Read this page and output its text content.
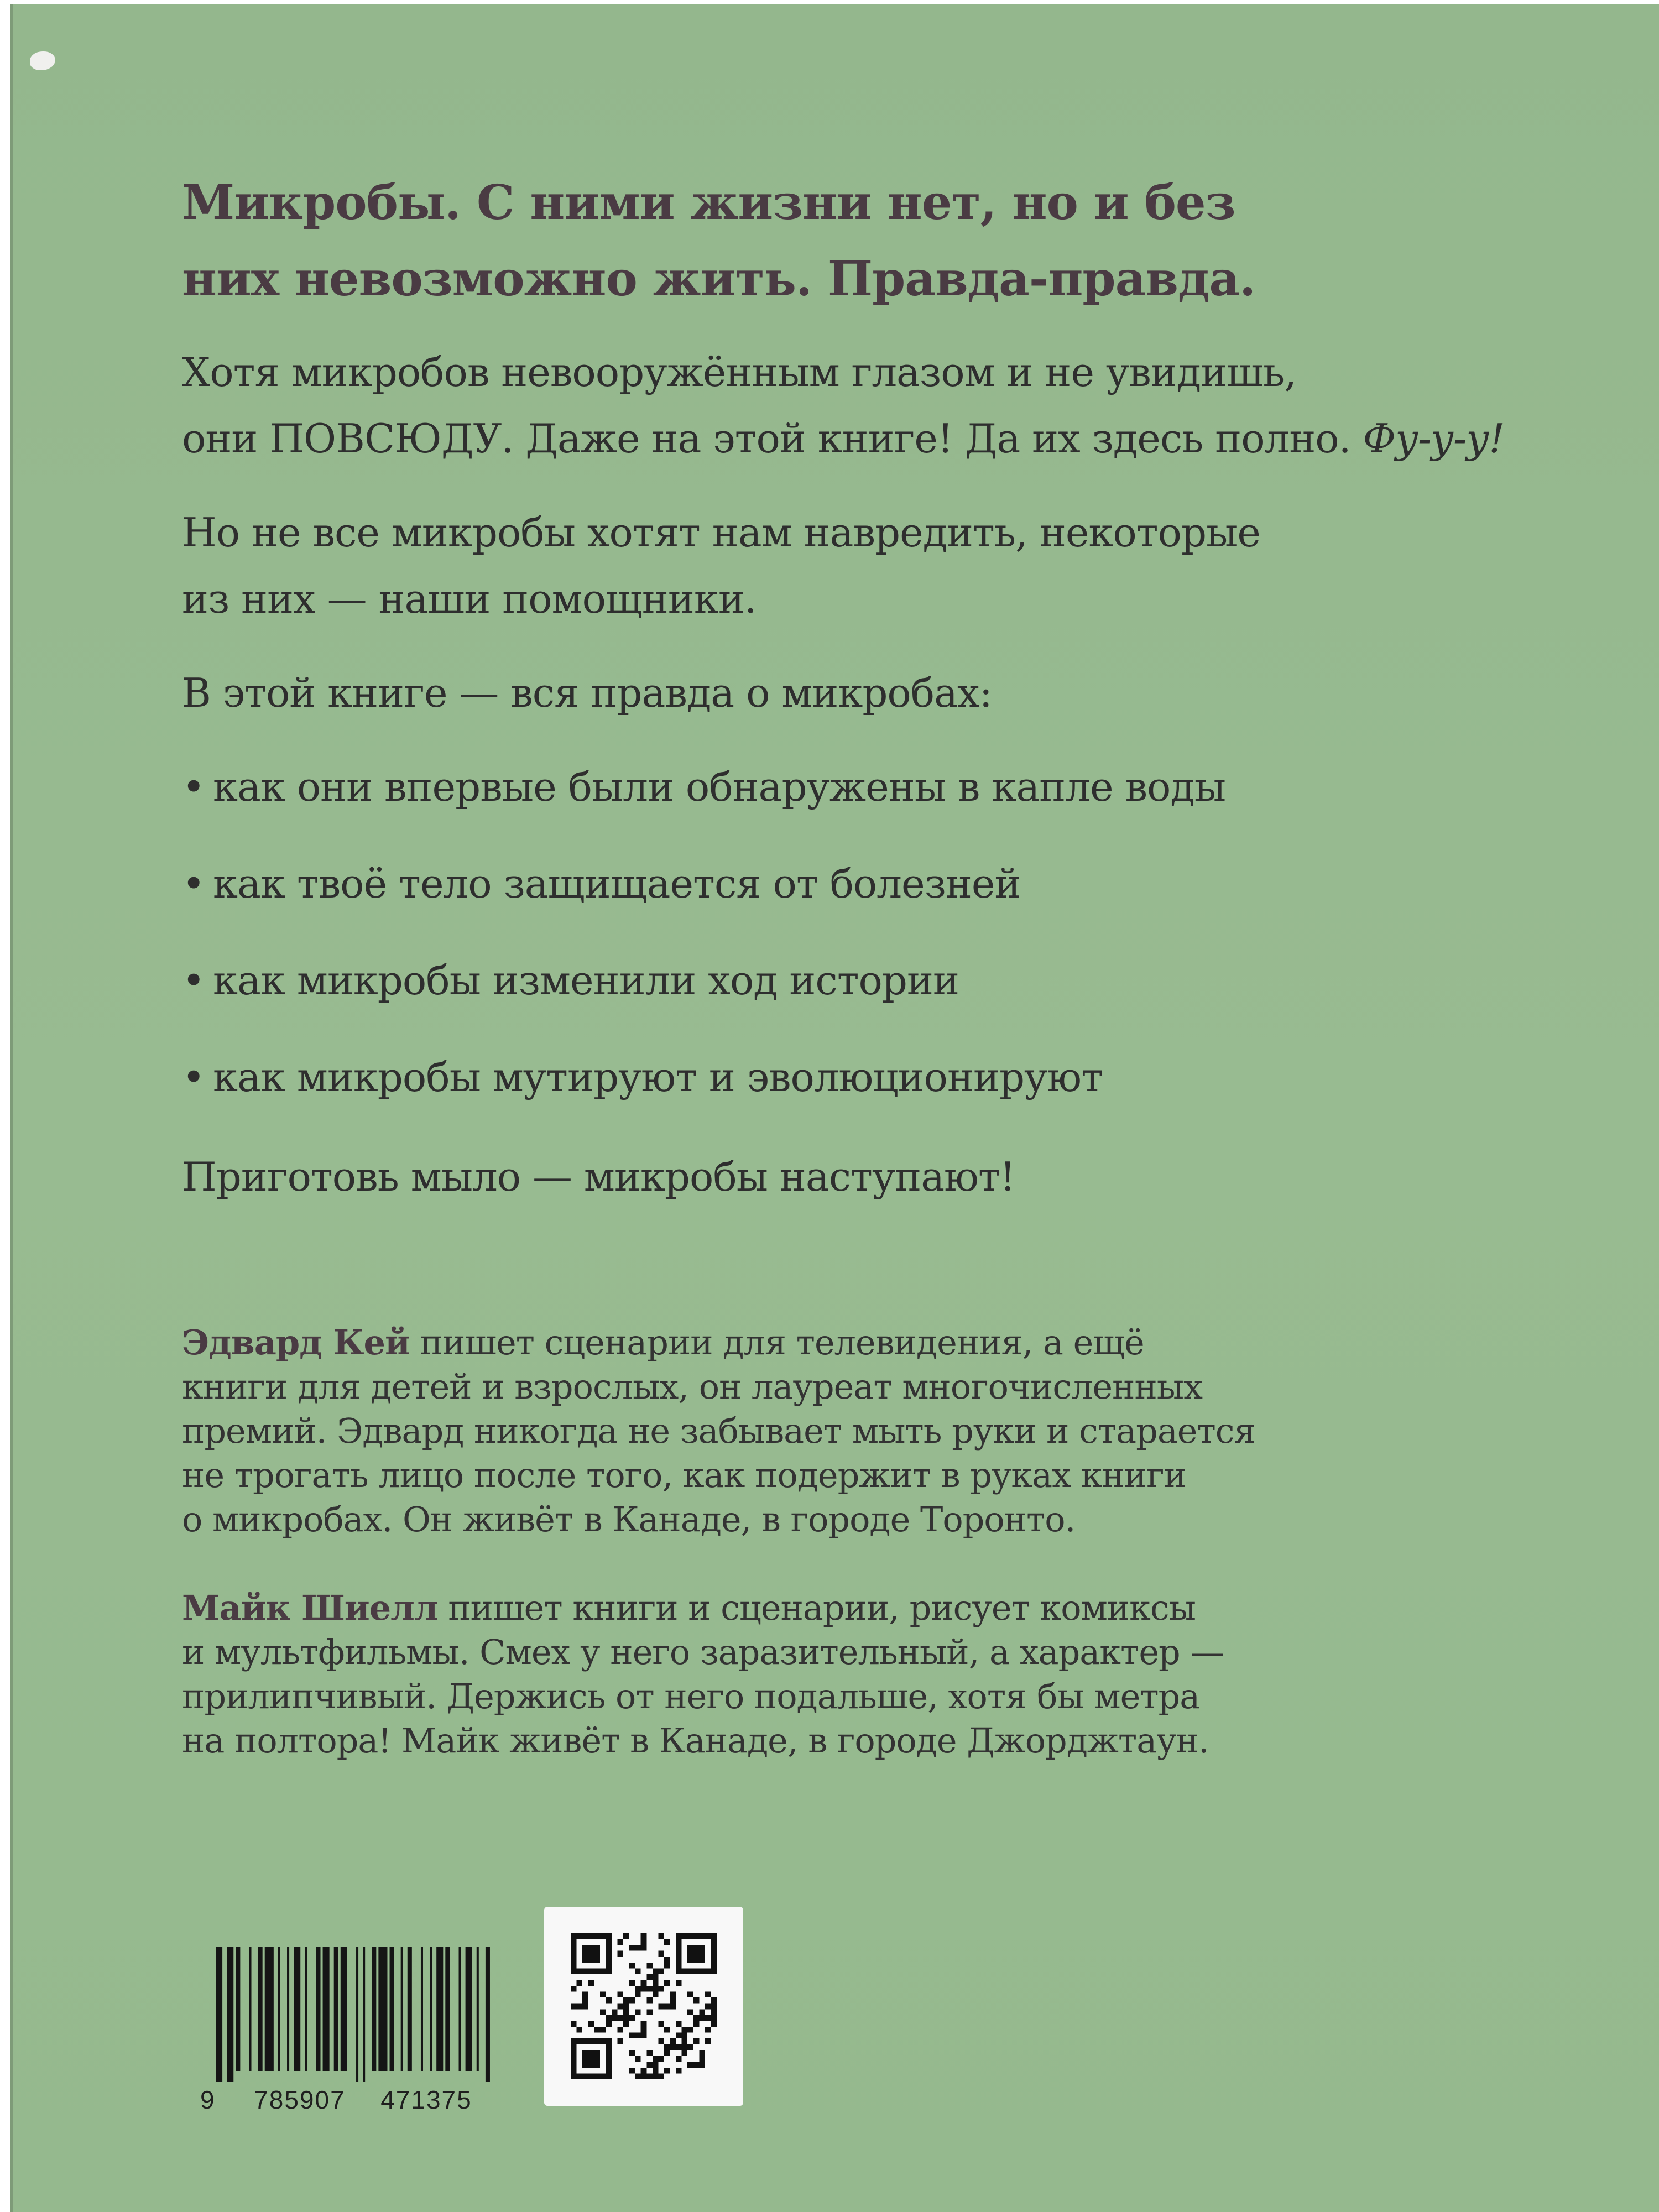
Микробы. С ними жизни нет, но и без
них невозможно жить. Правда-правда.

Хотя микробов невооружённым глазом и не увидишь,
они ПОВСЮДУ. Даже на этой книге! Да их здесь полно. Фу-у-у!

Но не все микробы хотят нам навредить, некоторые
из них — наши помощники.

В этой книге — вся правда о микробах:

• как они впервые были обнаружены в капле воды

• как твоё тело защищается от болезней

• как микробы изменили ход истории

• как микробы мутируют и эволюционируют

Приготовь мыло — микробы наступают!

Эдвард Кей пишет сценарии для телевидения, а ещё
книги для детей и взрослых, он лауреат многочисленных
премий. Эдвард никогда не забывает мыть руки и старается
не трогать лицо после того, как подержит в руках книги
о микробах. Он живёт в Канаде, в городе Торонто.

Майк Шиелл пишет книги и сценарии, рисует комиксы
и мультфильмы. Смех у него заразительный, а характер —
прилипчивый. Держись от него подальше, хотя бы метра
на полтора! Майк живёт в Канаде, в городе Джорджтаун.

9 785907 471375
